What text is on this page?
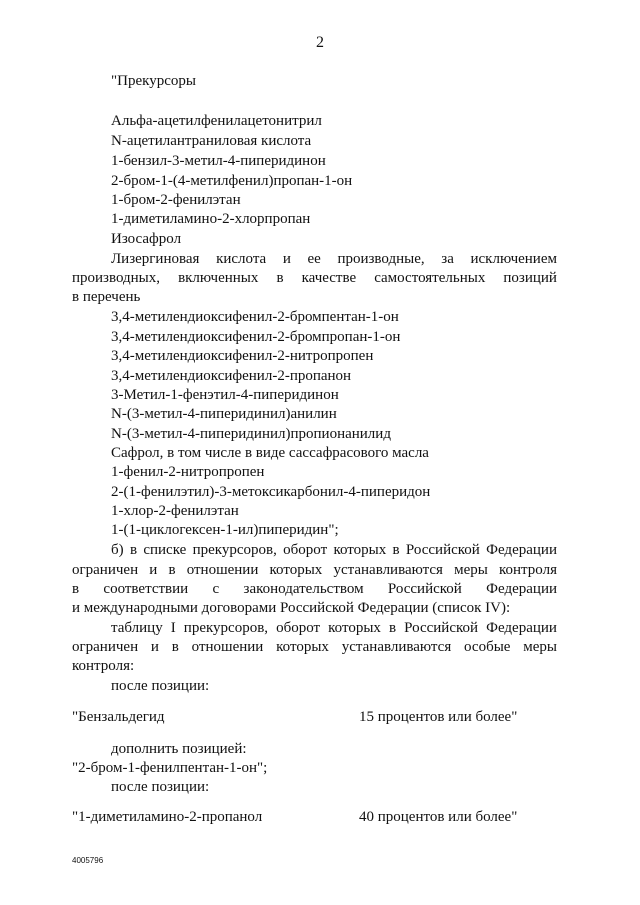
2
"Прекурсоры
Альфа-ацетилфенилацетонитрил
N-ацетилантраниловая кислота
1-бензил-3-метил-4-пиперидинон
2-бром-1-(4-метилфенил)пропан-1-он
1-бром-2-фенилэтан
1-диметиламино-2-хлорпропан
Изосафрол
Лизергиновая кислота и ее производные, за исключением
производных, включенных в качестве самостоятельных позиций
в перечень
3,4-метилендиоксифенил-2-бромпентан-1-он
3,4-метилендиоксифенил-2-бромпропан-1-он
3,4-метилендиоксифенил-2-нитропропен
3,4-метилендиоксифенил-2-пропанон
3-Метил-1-фенэтил-4-пиперидинон
N-(3-метил-4-пиперидинил)анилин
N-(3-метил-4-пиперидинил)пропионанилид
Сафрол, в том числе в виде сассафрасового масла
1-фенил-2-нитропропен
2-(1-фенилэтил)-3-метоксикарбонил-4-пиперидон
1-хлор-2-фенилэтан
1-(1-циклогексен-1-ил)пиперидин";
б) в списке прекурсоров, оборот которых в Российской Федерации
ограничен и в отношении которых устанавливаются меры контроля
в соответствии с законодательством Российской Федерации
и международными договорами Российской Федерации (список IV):
таблицу I прекурсоров, оборот которых в Российской Федерации
ограничен и в отношении которых устанавливаются особые меры
контроля:
после позиции:
"Бензальдегид	15 процентов или более"
дополнить позицией:
"2-бром-1-фенилпентан-1-он";
после позиции:
"1-диметиламино-2-пропанол	40 процентов или более"
4005796
